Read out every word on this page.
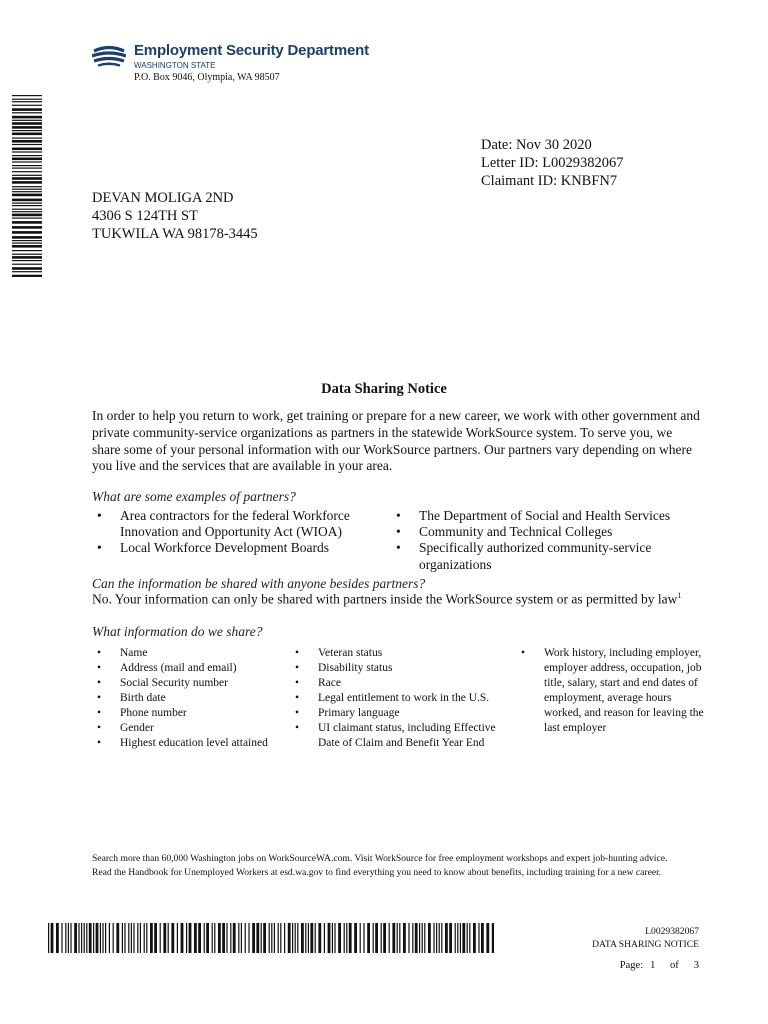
Employment Security Department
WASHINGTON STATE
P.O. Box 9046, Olympia, WA 98507
Date: Nov 30 2020
Letter ID: L0029382067
Claimant ID: KNBFN7
DEVAN MOLIGA 2ND
4306 S 124TH ST
TUKWILA WA 98178-3445
Data Sharing Notice
In order to help you return to work, get training or prepare for a new career, we work with other government and private community-service organizations as partners in the statewide WorkSource system. To serve you, we share some of your personal information with our WorkSource partners. Our partners vary depending on where you live and the services that are available in your area.
What are some examples of partners?
• Area contractors for the federal Workforce Innovation and Opportunity Act (WIOA)
• Local Workforce Development Boards
• The Department of Social and Health Services
• Community and Technical Colleges
• Specifically authorized community-service organizations
Can the information be shared with anyone besides partners?
No. Your information can only be shared with partners inside the WorkSource system or as permitted by law$^1$
What information do we share?
• Name
• Address (mail and email)
• Social Security number
• Birth date
• Phone number
• Gender
• Highest education level attained
• Veteran status
• Disability status
• Race
• Legal entitlement to work in the U.S.
• Primary language
• UI claimant status, including Effective Date of Claim and Benefit Year End
• Work history, including employer, employer address, occupation, job title, salary, start and end dates of employment, average hours worked, and reason for leaving the last employer

Search more than 60,000 Washington jobs on WorkSourceWA.com. Visit WorkSource for free employment workshops and expert job-hunting advice.

Read the Handbook for Unemployed Workers at esd.wa.gov to find everything you need to know about benefits, including training for a new career.

L0029382067
DATA SHARING NOTICE
Page: 1 of 3
